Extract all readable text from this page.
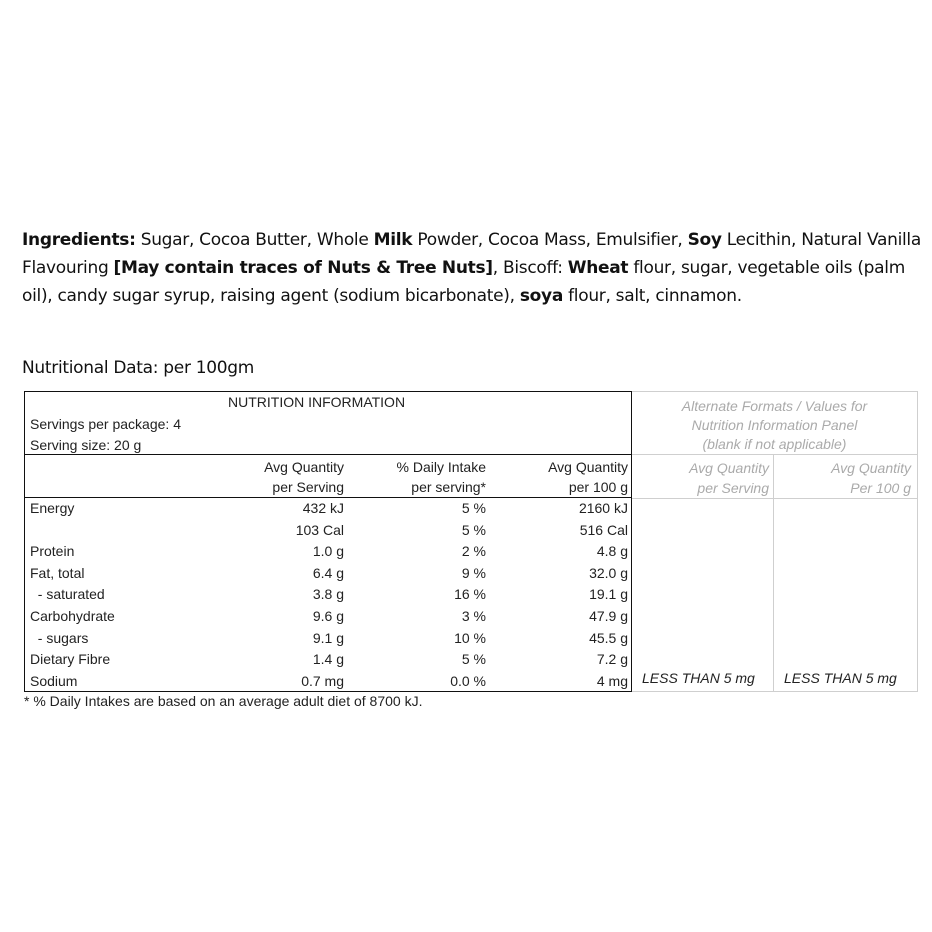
Ingredients: Sugar, Cocoa Butter, Whole Milk Powder, Cocoa Mass, Emulsifier, Soy Lecithin, Natural Vanilla Flavouring [May contain traces of Nuts & Tree Nuts], Biscoff: Wheat flour, sugar, vegetable oils (palm oil), candy sugar syrup, raising agent (sodium bicarbonate), soya flour, salt, cinnamon.

Nutritional Data: per 100gm

NUTRITION INFORMATION
Servings per package: 4
Serving size: 20 g
Avg Quantity
per Serving
% Daily Intake
per serving*
Avg Quantity
per 100 g
Energy	432 kJ	5 %	2160 kJ
103 Cal	5 %	516 Cal
Protein	1.0 g	2 %	4.8 g
Fat, total	6.4 g	9 %	32.0 g
- saturated	3.8 g	16 %	19.1 g
Carbohydrate	9.6 g	3 %	47.9 g
- sugars	9.1 g	10 %	45.5 g
Dietary Fibre	1.4 g	5 %	7.2 g
Sodium	0.7 mg	0.0 %	4 mg
Alternate Formats / Values for
Nutrition Information Panel
(blank if not applicable)
Avg Quantity
per Serving
Avg Quantity
Per 100 g
LESS THAN 5 mg LESS THAN 5 mg

* % Daily Intakes are based on an average adult diet of 8700 kJ.
